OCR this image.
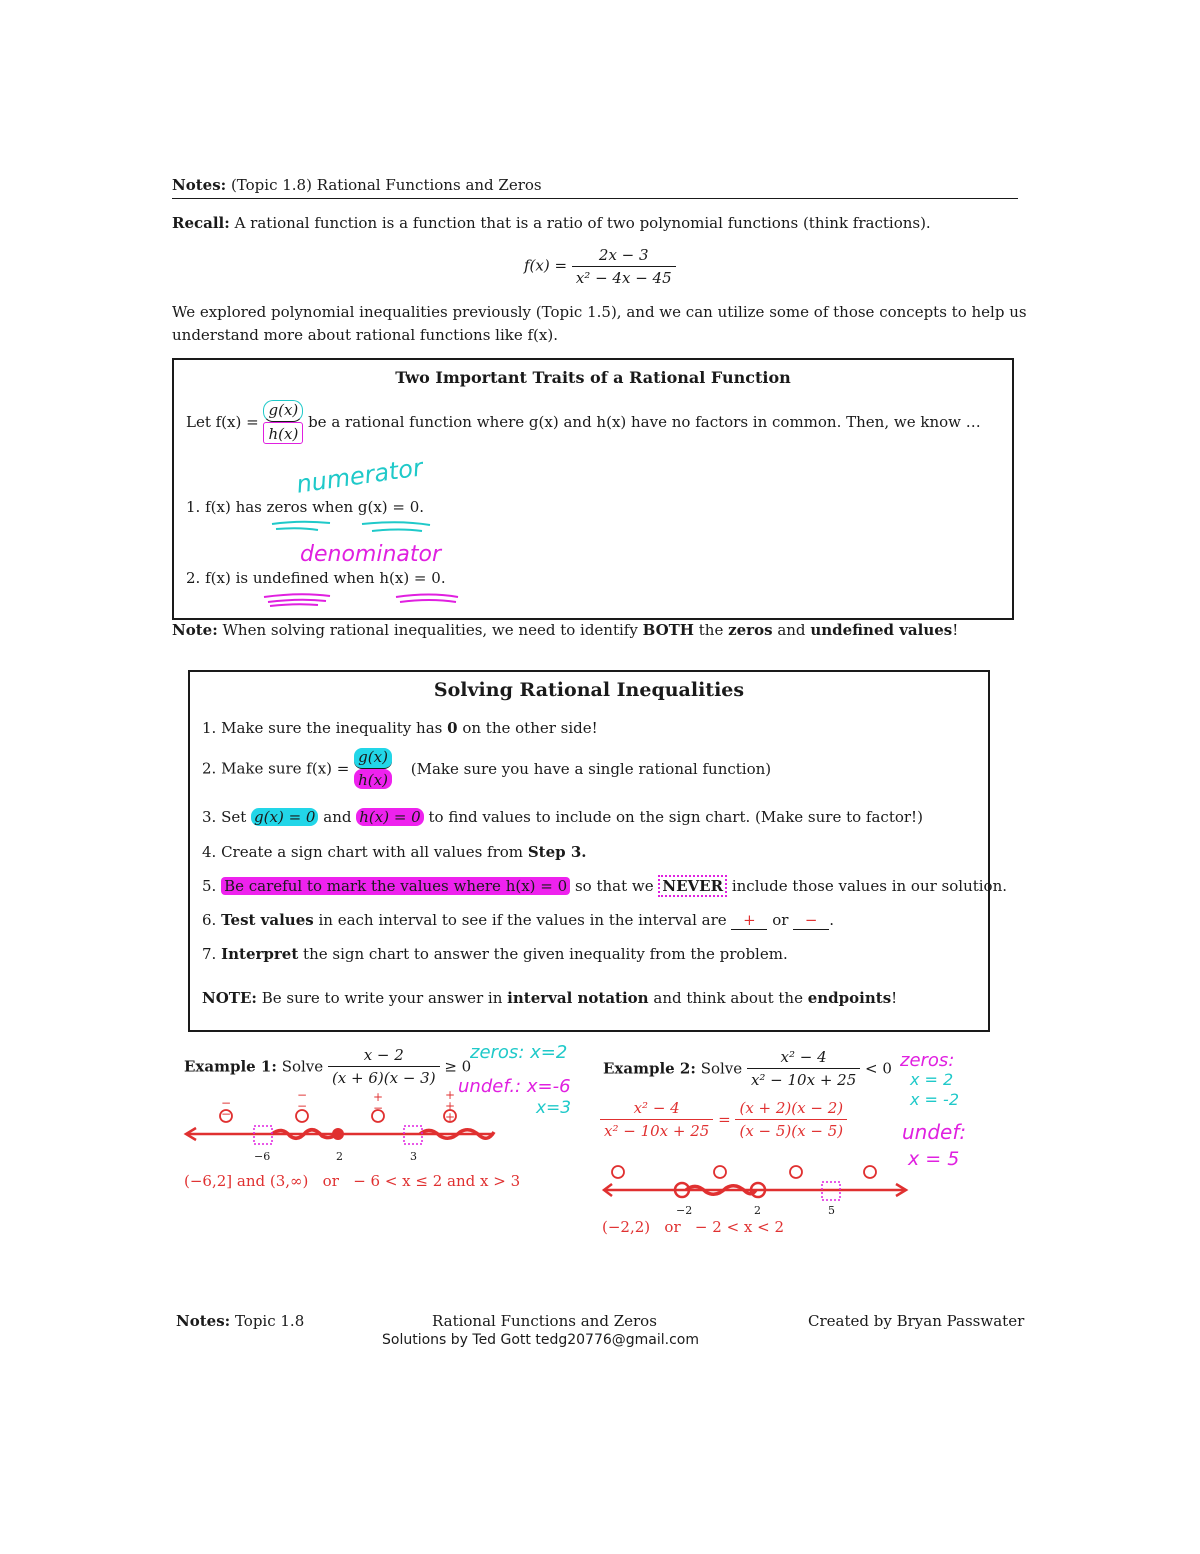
Notes: (Topic 1.8) Rational Functions and Zeros
Recall: A rational function is a function that is a ratio of two polynomial functions (think fractions).
$f(x) = \frac{2x - 3}{\text{x² − 4x − 45}}$
We explored polynomial inequalities previously (Topic 1.5), and we can utilize some of those concepts to help us
understand more about rational functions like f(x).
Two Important Traits of a Rational Function
Let $f(x) = \frac{g(x)}{h(x)}$ be a rational function where g(x) and h(x) have no factors in common. Then, we know …
numerator
1. f(x) has zeros when g(x) = 0.
denominator
2. f(x) is undefined when h(x) = 0.
Note: When solving rational inequalities, we need to identify BOTH the zeros and undefined values!
Solving Rational Inequalities
1. Make sure the inequality has 0 on the other side!
2. Make sure $f(x) = \frac{g(x)}{h(x)}$ (Make sure you have a single rational function)
3. Set g(x) = 0 and h(x) = 0 to find values to include on the sign chart. (Make sure to factor!)
4. Create a sign chart with all values from Step 3.
5. Be careful to mark the values where h(x) = 0 so that we NEVER include those values in our solution.
6. Test values in each interval to see if the values in the interval are + or − .
7. Interpret the sign chart to answer the given inequality from the problem.
NOTE: Be sure to write your answer in interval notation and think about the endpoints!
Example 1: Solve $\frac{x - 2}{(x + 6)(x - 3)} \ge 0$
zeros: x=2
undef.: x=-6
x=3
−
−
−
−
+
−
+
+
+
−6	2	3
(−6,2] and (3,∞)   or   − 6 < x ≤ 2 and x > 3
Example 2: Solve $\frac{\text{x² − 4}}{\text{x² − 10x + 25}} < 0$
$\frac{\text{x² − 4}}{\text{x² − 10x + 25}} = \frac{(x + 2)(x - 2)}{(x - 5)(x - 5)}$
zeros:
x = 2
x = -2
undef:
x = 5
−2	2	5
(−2,2)   or   − 2 < x < 2
Notes: Topic 1.8	Rational Functions and Zeros	Created by Bryan Passwater
Solutions by Ted Gott tedg20776@gmail.com
